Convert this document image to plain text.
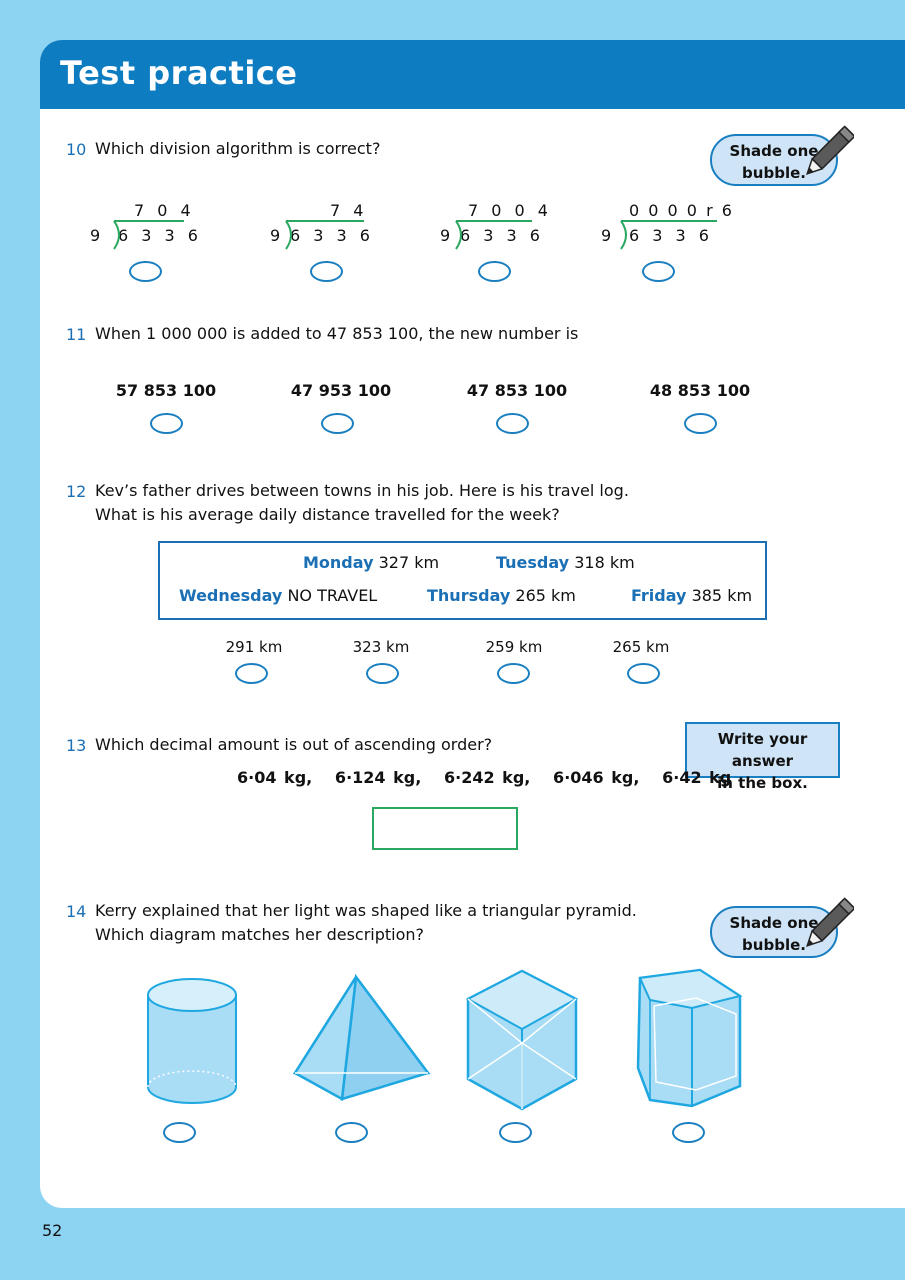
Test practice
10 Which division algorithm is correct?	Shade one
bubble.
7 0 4
9 6 3 3 6
7 4
9 6 3 3 6
7 0 0 4
9 6 3 3 6
0 0 0 0 r 6
9 6 3 3 6
11 When 1 000 000 is added to 47 853 100, the new number is
57 853 100	47 953 100	47 853 100	48 853 100
12 Kev’s father drives between towns in his job. Here is his travel log.
What is his average daily distance travelled for the week?
Monday 327 km	Tuesday 318 km
Wednesday NO TRAVEL	Thursday 265 km	Friday 385 km
291 km	323 km	259 km	265 km
13 Which decimal amount is out of ascending order?	Write your answer
in the box.
6·04 kg,   6·124 kg,   6·242 kg,   6·046 kg,   6·42 kg
14 Kerry explained that her light was shaped like a triangular pyramid.
Which diagram matches her description?
Shade one
bubble.
52
